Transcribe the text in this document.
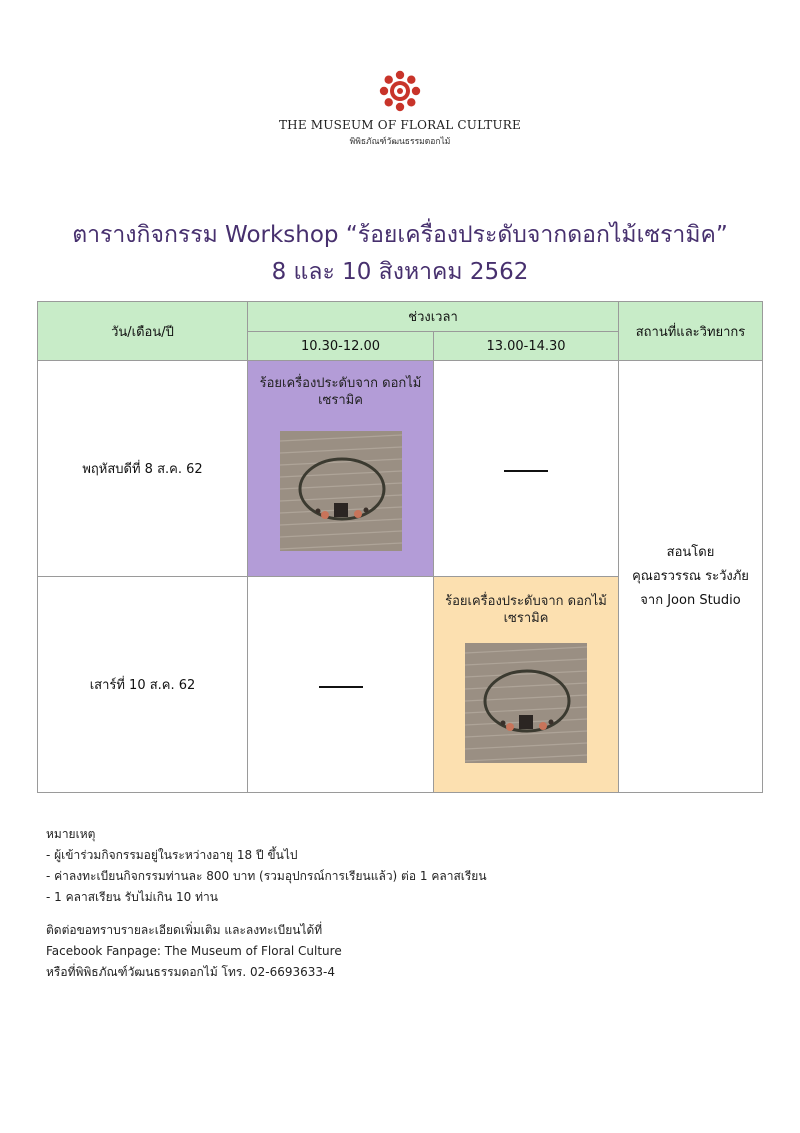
THE MUSEUM OF FLORAL CULTURE
พิพิธภัณฑ์วัฒนธรรมดอกไม้
ตารางกิจกรรม Workshop “ร้อยเครื่องประดับจากดอกไม้เซรามิค”
8 และ 10 สิงหาคม 2562
วัน/เดือน/ปี	ช่วงเวลา		สถานที่และวิทยากร
	10.30-12.00	13.00-14.30	
พฤหัสบดีที่ 8 ส.ค. 62	ร้อยเครื่องประดับจาก ดอกไม้เซรามิค		สอนโดย
คุณอรวรรณ ระวังภัย
จาก Joon Studio

เสาร์ที่ 10 ส.ค. 62		ร้อยเครื่องประดับจาก ดอกไม้เซรามิค	
หมายเหตุ
- ผู้เข้าร่วมกิจกรรมอยู่ในระหว่างอายุ 18 ปี ขึ้นไป
- ค่าลงทะเบียนกิจกรรมท่านละ 800 บาท (รวมอุปกรณ์การเรียนแล้ว) ต่อ 1 คลาสเรียน
- 1 คลาสเรียน รับไม่เกิน 10 ท่าน
ติดต่อขอทราบรายละเอียดเพิ่มเติม และลงทะเบียนได้ที่
Facebook Fanpage: The Museum of Floral Culture
หรือที่พิพิธภัณฑ์วัฒนธรรมดอกไม้ โทร. 02-6693633-4
